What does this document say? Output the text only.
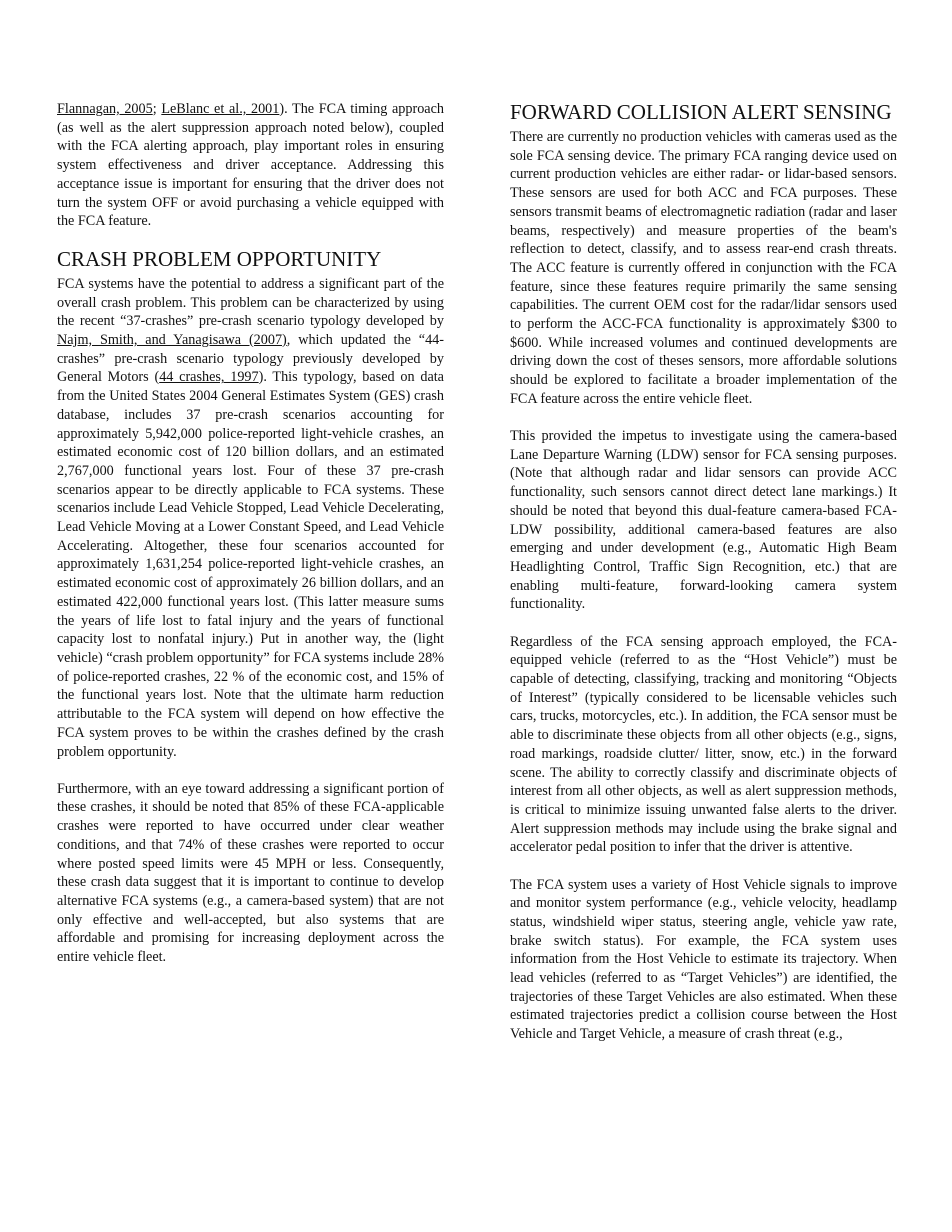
Flannagan, 2005; LeBlanc et al., 2001). The FCA timing approach (as well as the alert suppression approach noted below), coupled with the FCA alerting approach, play important roles in ensuring system effectiveness and driver acceptance. Addressing this acceptance issue is important for ensuring that the driver does not turn the system OFF or avoid purchasing a vehicle equipped with the FCA feature.

CRASH PROBLEM OPPORTUNITY

FCA systems have the potential to address a significant part of the overall crash problem. This problem can be characterized by using the recent “37-crashes” pre-crash scenario typology developed by Najm, Smith, and Yanagisawa (2007), which updated the “44-crashes” pre-crash scenario typology previously developed by General Motors (44 crashes, 1997). This typology, based on data from the United States 2004 General Estimates System (GES) crash database, includes 37 pre-crash scenarios accounting for approximately 5,942,000 police-reported light-vehicle crashes, an estimated economic cost of 120 billion dollars, and an estimated 2,767,000 functional years lost. Four of these 37 pre-crash scenarios appear to be directly applicable to FCA systems. These scenarios include Lead Vehicle Stopped, Lead Vehicle Decelerating, Lead Vehicle Moving at a Lower Constant Speed, and Lead Vehicle Accelerating. Altogether, these four scenarios accounted for approximately 1,631,254 police-reported light-vehicle crashes, an estimated economic cost of approximately 26 billion dollars, and an estimated 422,000 functional years lost. (This latter measure sums the years of life lost to fatal injury and the years of functional capacity lost to nonfatal injury.) Put in another way, the (light vehicle) “crash problem opportunity” for FCA systems include 28% of police-reported crashes, 22 % of the economic cost, and 15% of the functional years lost. Note that the ultimate harm reduction attributable to the FCA system will depend on how effective the FCA system proves to be within the crashes defined by the crash problem opportunity.

Furthermore, with an eye toward addressing a significant portion of these crashes, it should be noted that 85% of these FCA-applicable crashes were reported to have occurred under clear weather conditions, and that 74% of these crashes were reported to occur where posted speed limits were 45 MPH or less. Consequently, these crash data suggest that it is important to continue to develop alternative FCA systems (e.g., a camera-based system) that are not only effective and well-accepted, but also systems that are affordable and promising for increasing deployment across the entire vehicle fleet.

FORWARD COLLISION ALERT SENSING

There are currently no production vehicles with cameras used as the sole FCA sensing device. The primary FCA ranging device used on current production vehicles are either radar- or lidar-based sensors. These sensors are used for both ACC and FCA purposes. These sensors transmit beams of electromagnetic radiation (radar and laser beams, respectively) and measure properties of the beam's reflection to detect, classify, and to assess rear-end crash threats. The ACC feature is currently offered in conjunction with the FCA feature, since these features require primarily the same sensing capabilities. The current OEM cost for the radar/lidar sensors used to perform the ACC-FCA functionality is approximately $300 to $600. While increased volumes and continued developments are driving down the cost of theses sensors, more affordable solutions should be explored to facilitate a broader implementation of the FCA feature across the entire vehicle fleet.

This provided the impetus to investigate using the camera-based Lane Departure Warning (LDW) sensor for FCA sensing purposes. (Note that although radar and lidar sensors can provide ACC functionality, such sensors cannot direct detect lane markings.) It should be noted that beyond this dual-feature camera-based FCA-LDW possibility, additional camera-based features are also emerging and under development (e.g., Automatic High Beam Headlighting Control, Traffic Sign Recognition, etc.) that are enabling multi-feature, forward-looking camera system functionality.

Regardless of the FCA sensing approach employed, the FCA-equipped vehicle (referred to as the “Host Vehicle”) must be capable of detecting, classifying, tracking and monitoring “Objects of Interest” (typically considered to be licensable vehicles such cars, trucks, motorcycles, etc.). In addition, the FCA sensor must be able to discriminate these objects from all other objects (e.g., signs, road markings, roadside clutter/ litter, snow, etc.) in the forward scene. The ability to correctly classify and discriminate objects of interest from all other objects, as well as alert suppression methods, is critical to minimize issuing unwanted false alerts to the driver. Alert suppression methods may include using the brake signal and accelerator pedal position to infer that the driver is attentive.

The FCA system uses a variety of Host Vehicle signals to improve and monitor system performance (e.g., vehicle velocity, headlamp status, windshield wiper status, steering angle, vehicle yaw rate, brake switch status). For example, the FCA system uses information from the Host Vehicle to estimate its trajectory. When lead vehicles (referred to as “Target Vehicles”) are identified, the trajectories of these Target Vehicles are also estimated. When these estimated trajectories predict a collision course between the Host Vehicle and Target Vehicle, a measure of crash threat (e.g.,
